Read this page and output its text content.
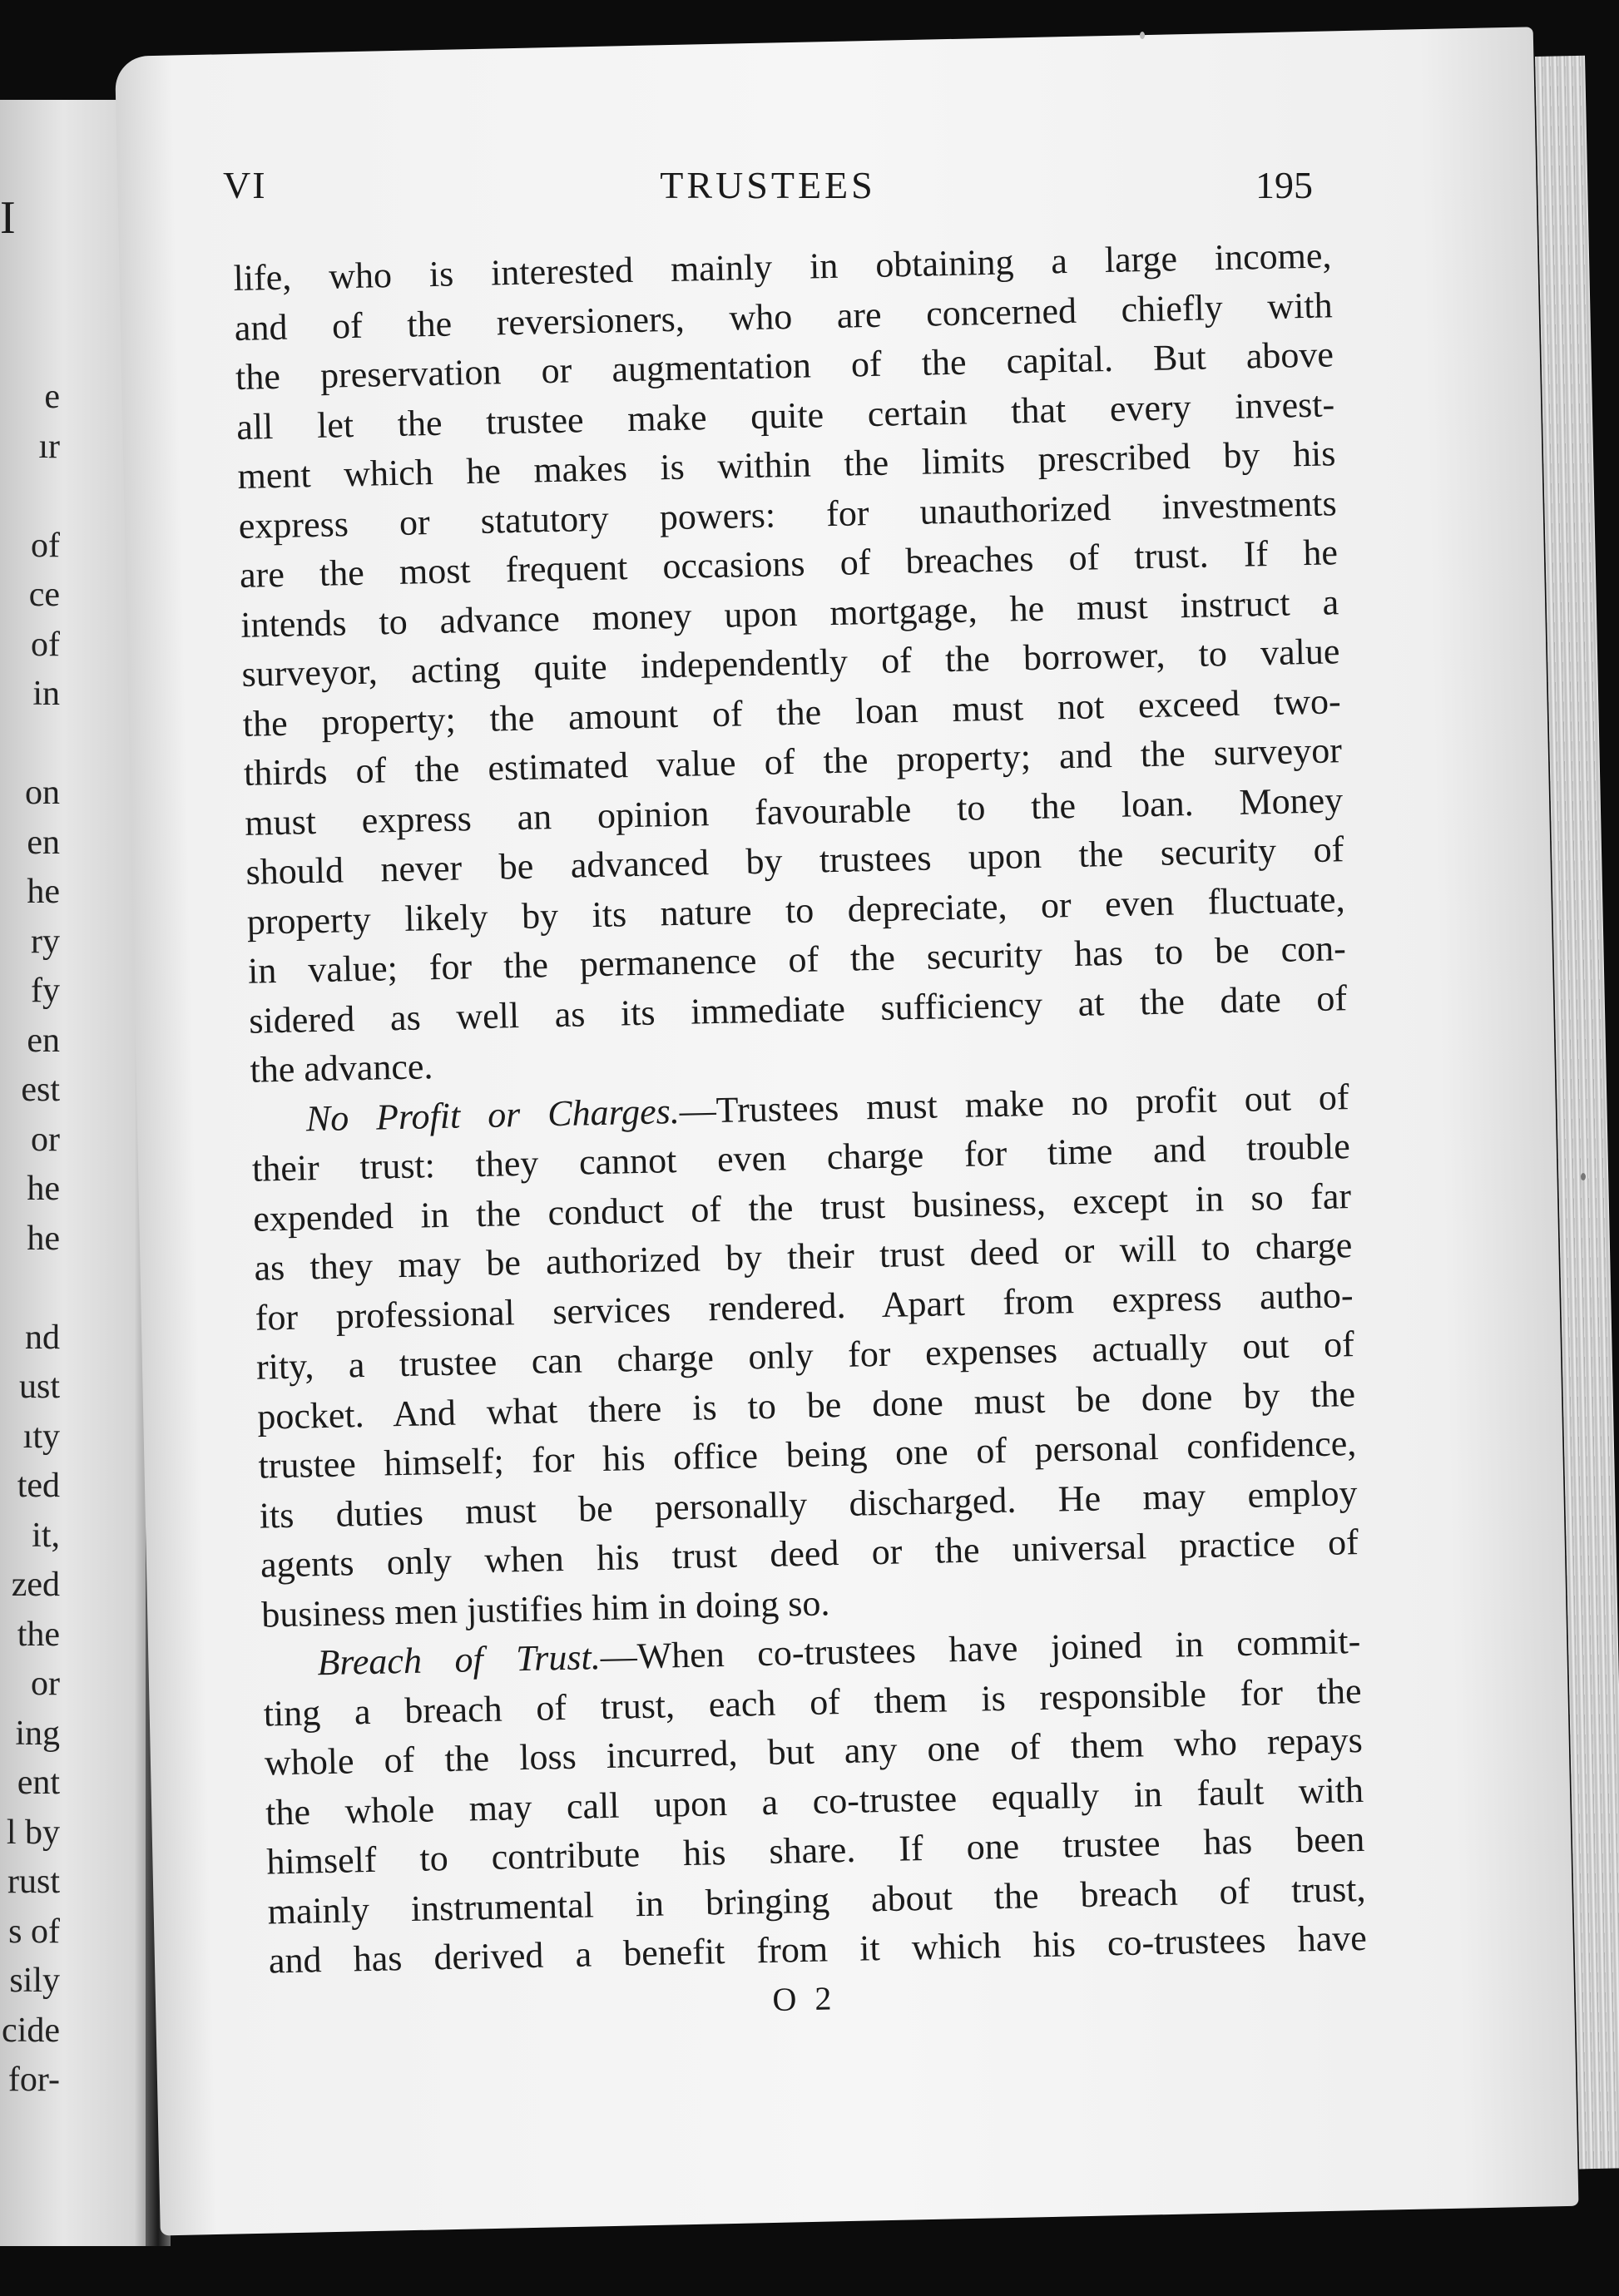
I
e
ır
of
ce
of
in
on
en
he
ry
fy
en
est
or
he
he
nd
ust
ıty
ted
it,
zed
the
or
ing
ent
l by
rust
s of
sily
cide
for-
VI	TRUSTEES	195
life, who is interested mainly in obtaining a large income,
and of the reversioners, who are concerned chiefly with
the preservation or augmentation of the capital. But above
all let the trustee make quite certain that every invest-
ment which he makes is within the limits prescribed by his
express or statutory powers: for unauthorized investments
are the most frequent occasions of breaches of trust. If he
intends to advance money upon mortgage, he must instruct a
surveyor, acting quite independently of the borrower, to value
the property; the amount of the loan must not exceed two-
thirds of the estimated value of the property; and the surveyor
must express an opinion favourable to the loan. Money
should never be advanced by trustees upon the security of
property likely by its nature to depreciate, or even fluctuate,
in value; for the permanence of the security has to be con-
sidered as well as its immediate sufficiency at the date of
the advance.
No Profit or Charges.—Trustees must make no profit out of
their trust: they cannot even charge for time and trouble
expended in the conduct of the trust business, except in so far
as they may be authorized by their trust deed or will to charge
for professional services rendered. Apart from express autho-
rity, a trustee can charge only for expenses actually out of
pocket. And what there is to be done must be done by the
trustee himself; for his office being one of personal confidence,
its duties must be personally discharged. He may employ
agents only when his trust deed or the universal practice of
business men justifies him in doing so.
Breach of Trust.—When co-trustees have joined in commit-
ting a breach of trust, each of them is responsible for the
whole of the loss incurred, but any one of them who repays
the whole may call upon a co-trustee equally in fault with
himself to contribute his share. If one trustee has been
mainly instrumental in bringing about the breach of trust,
and has derived a benefit from it which his co-trustees have
O 2
